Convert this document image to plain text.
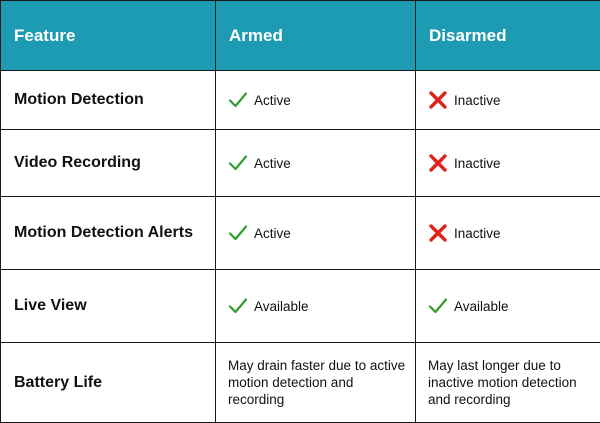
Feature	Armed	Disarmed
Motion Detection	Active	Inactive

Video Recording	Active	Inactive

Motion Detection Alerts	Active	Inactive

Live View	Available	Available

Battery Life	May drain faster due to active motion detection and recording	May last longer due to inactive motion detection and recording
